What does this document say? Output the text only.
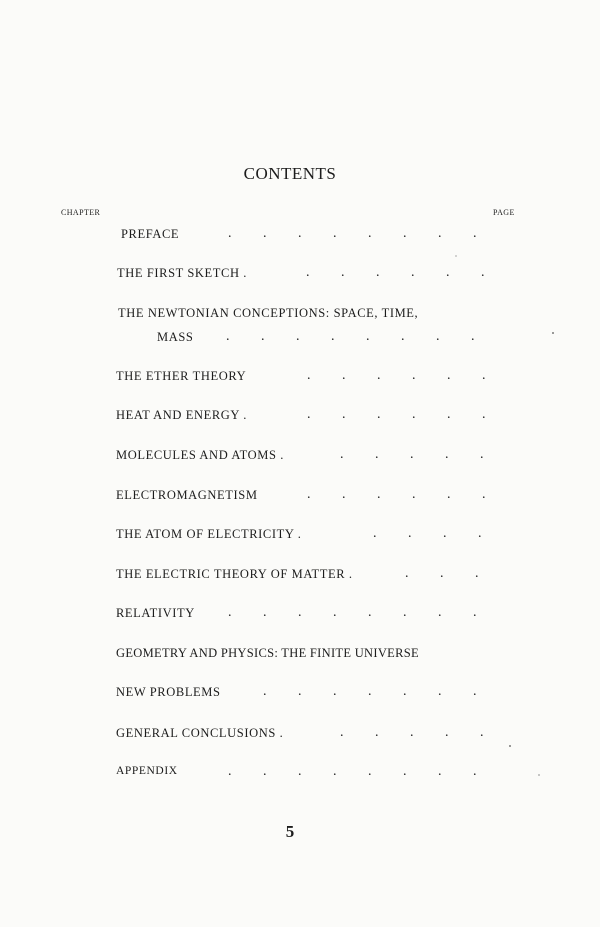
CONTENTS
CHAPTER	PAGE
PREFACE	. . . . . . . .
THE FIRST SKETCH .	. . . . . .
THE NEWTONIAN CONCEPTIONS: SPACE, TIME,
MASS . . . . . . . .
THE ETHER THEORY	. . . . . .
HEAT AND ENERGY .	. . . . . .
MOLECULES AND ATOMS .	. . . . .
ELECTROMAGNETISM	. . . . . .
THE ATOM OF ELECTRICITY .	. . . .
THE ELECTRIC THEORY OF MATTER .	. . .
RELATIVITY . . . . . . . .
GEOMETRY AND PHYSICS: THE FINITE UNIVERSE
NEW PROBLEMS	. . . . . . .
GENERAL CONCLUSIONS .	. . . . .
APPENDIX	. . . . . . . .
5
